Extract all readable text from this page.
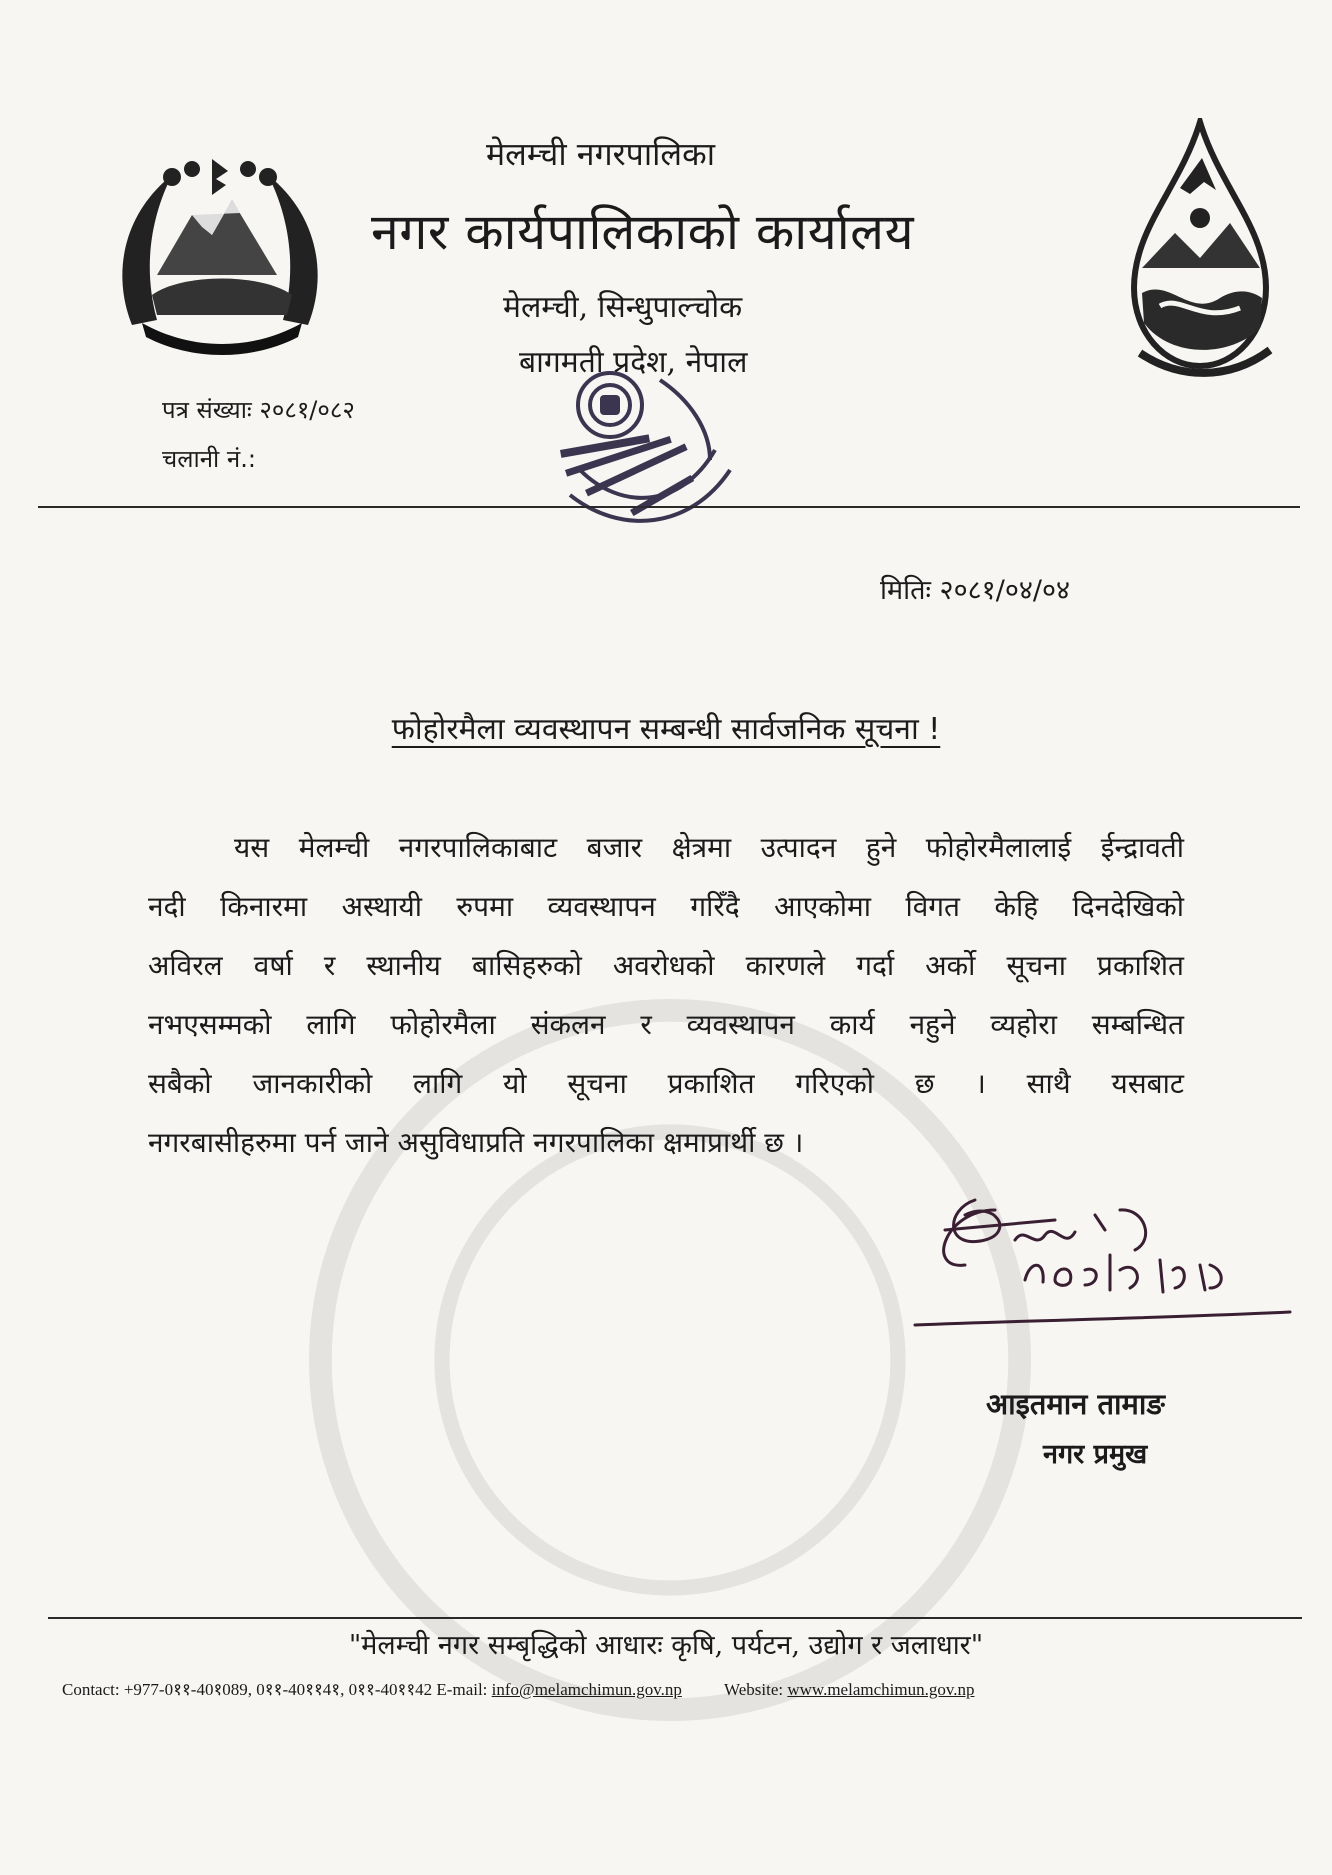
मेलम्ची नगरपालिका
नगर कार्यपालिकाको कार्यालय
मेलम्ची, सिन्धुपाल्चोक
बागमती प्रदेश, नेपाल
पत्र संख्याः २०८१/०८२
चलानी नं.:
मितिः २०८१/०४/०४
फोहोरमैला व्यवस्थापन सम्बन्धी सार्वजनिक सूचना !
यस मेलम्ची नगरपालिकाबाट बजार क्षेत्रमा उत्पादन हुने फोहोरमैलालाई ईन्द्रावती
नदी किनारमा अस्थायी रुपमा व्यवस्थापन गरिँदै आएकोमा विगत केहि दिनदेखिको
अविरल वर्षा र स्थानीय बासिहरुको अवरोधको कारणले गर्दा अर्को सूचना प्रकाशित
नभएसम्मको लागि फोहोरमैला संकलन र व्यवस्थापन कार्य नहुने व्यहोरा सम्बन्धित
सबैको जानकारीको लागि यो सूचना प्रकाशित गरिएको छ । साथै यसबाट
नगरबासीहरुमा पर्न जाने असुविधाप्रति नगरपालिका क्षमाप्रार्थी छ ।
आइतमान तामाङ
नगर प्रमुख
"मेलम्ची नगर सम्बृद्धिको आधारः कृषि, पर्यटन, उद्योग र जलाधार"
Contact: +977-0११-40१089, 0११-40११4१, 0११-40११42 E-mail: info@melamchimun.gov.np Website: www.melamchimun.gov.np
